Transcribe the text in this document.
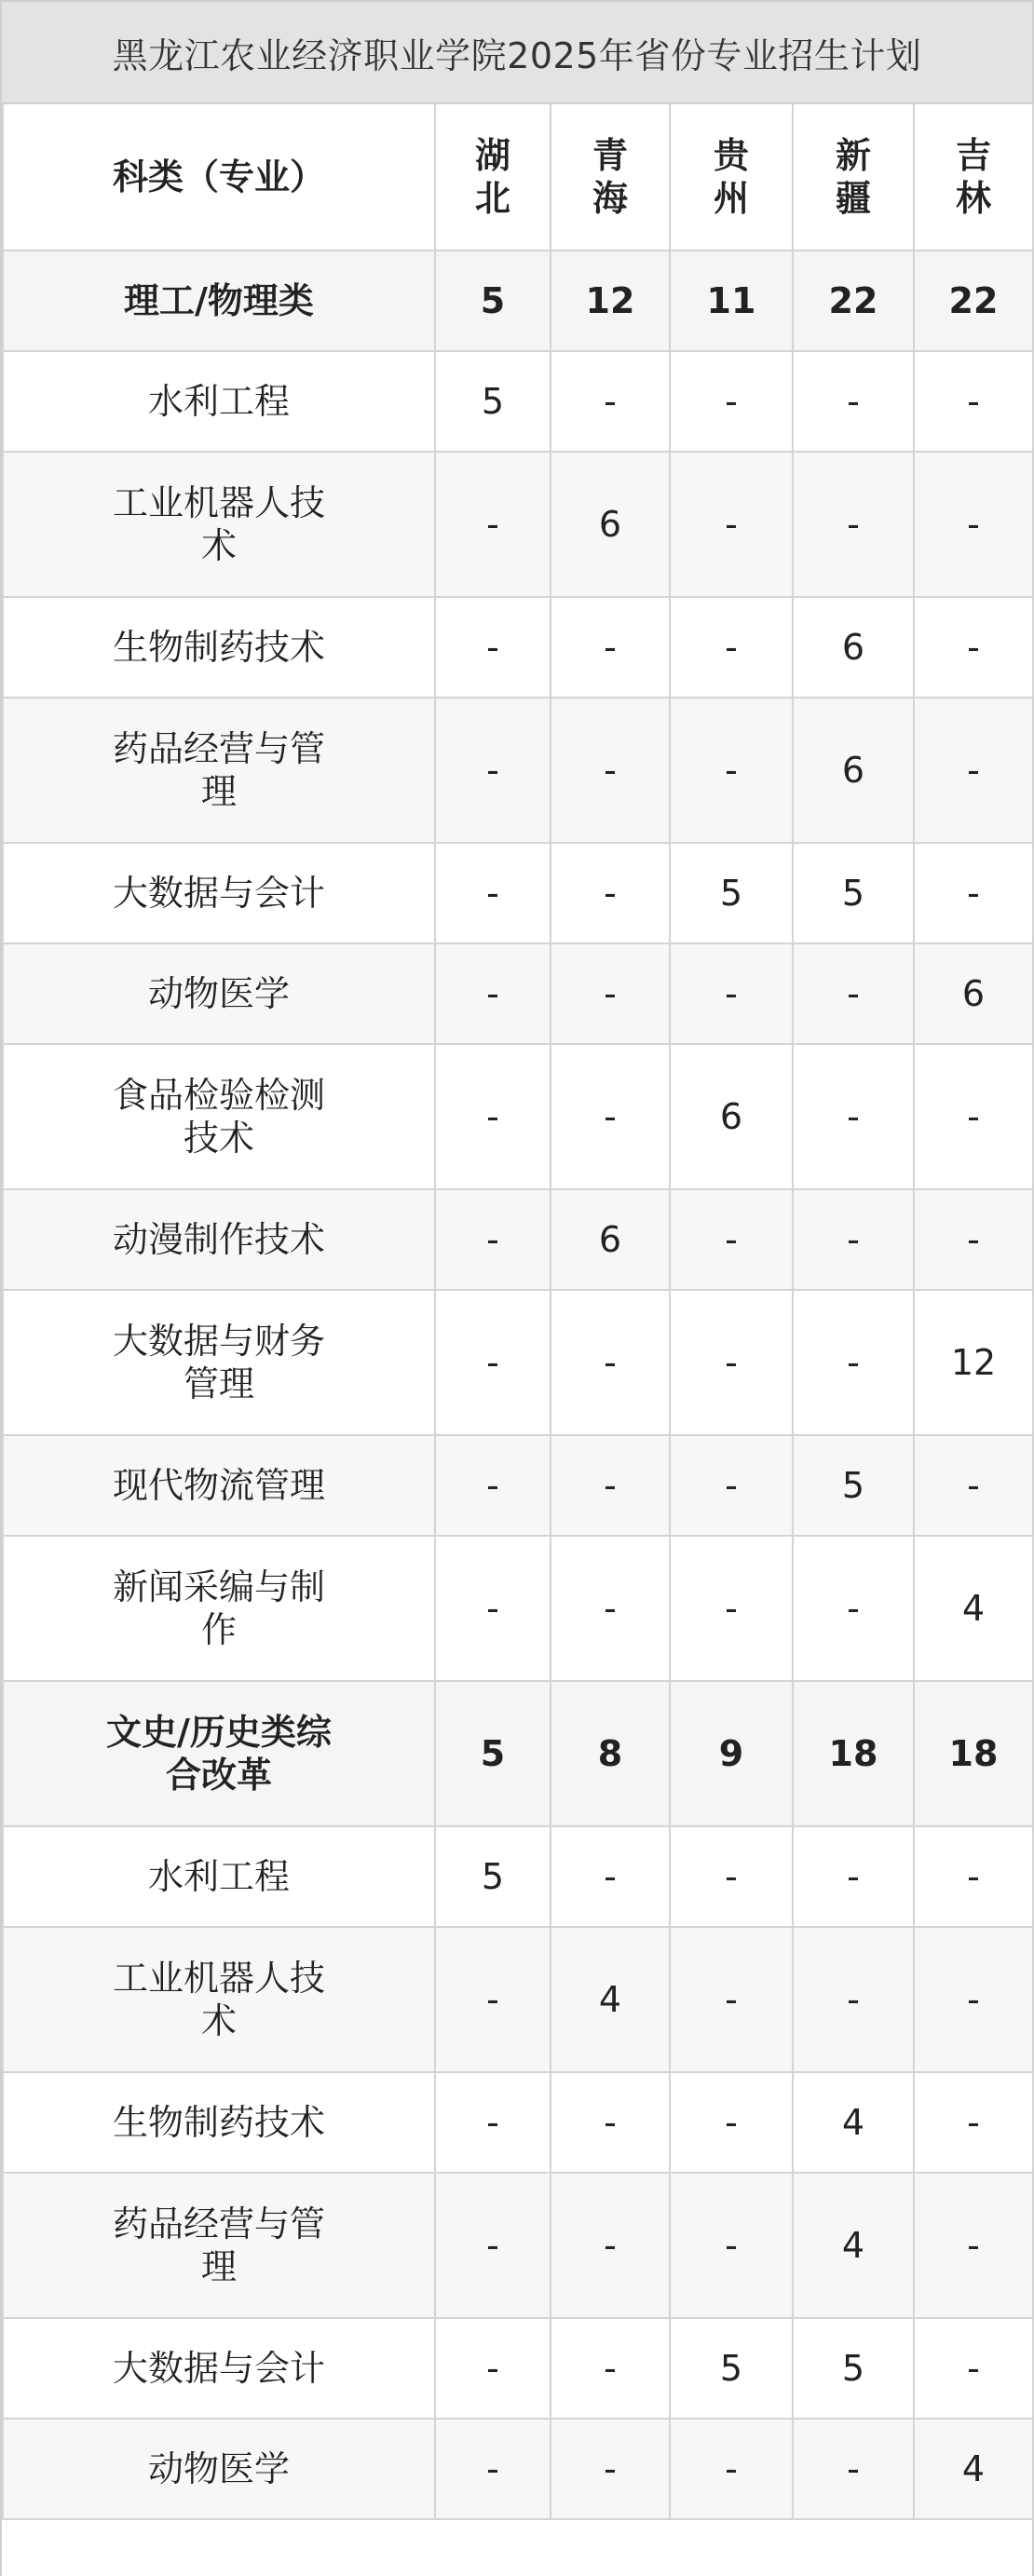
黑龙江农业经济职业学院2025年省份专业招生计划
科类（专业）	湖北	青海	贵州	新疆	吉林

理工/物理类	5	12	11	22	22
水利工程	5	-	-	-	-
工业机器人技术	-	6	-	-	-
生物制药技术	-	-	-	6	-
药品经营与管理	-	-	-	6	-
大数据与会计	-	-	5	5	-
动物医学	-	-	-	-	6
食品检验检测技术	-	-	6	-	-
动漫制作技术	-	6	-	-	-
大数据与财务管理	-	-	-	-	12
现代物流管理	-	-	-	5	-
新闻采编与制作	-	-	-	-	4
文史/历史类综合改革	5	8	9	18	18
水利工程	5	-	-	-	-
工业机器人技术	-	4	-	-	-
生物制药技术	-	-	-	4	-
药品经营与管理	-	-	-	4	-
大数据与会计	-	-	5	5	-
动物医学	-	-	-	-	4
